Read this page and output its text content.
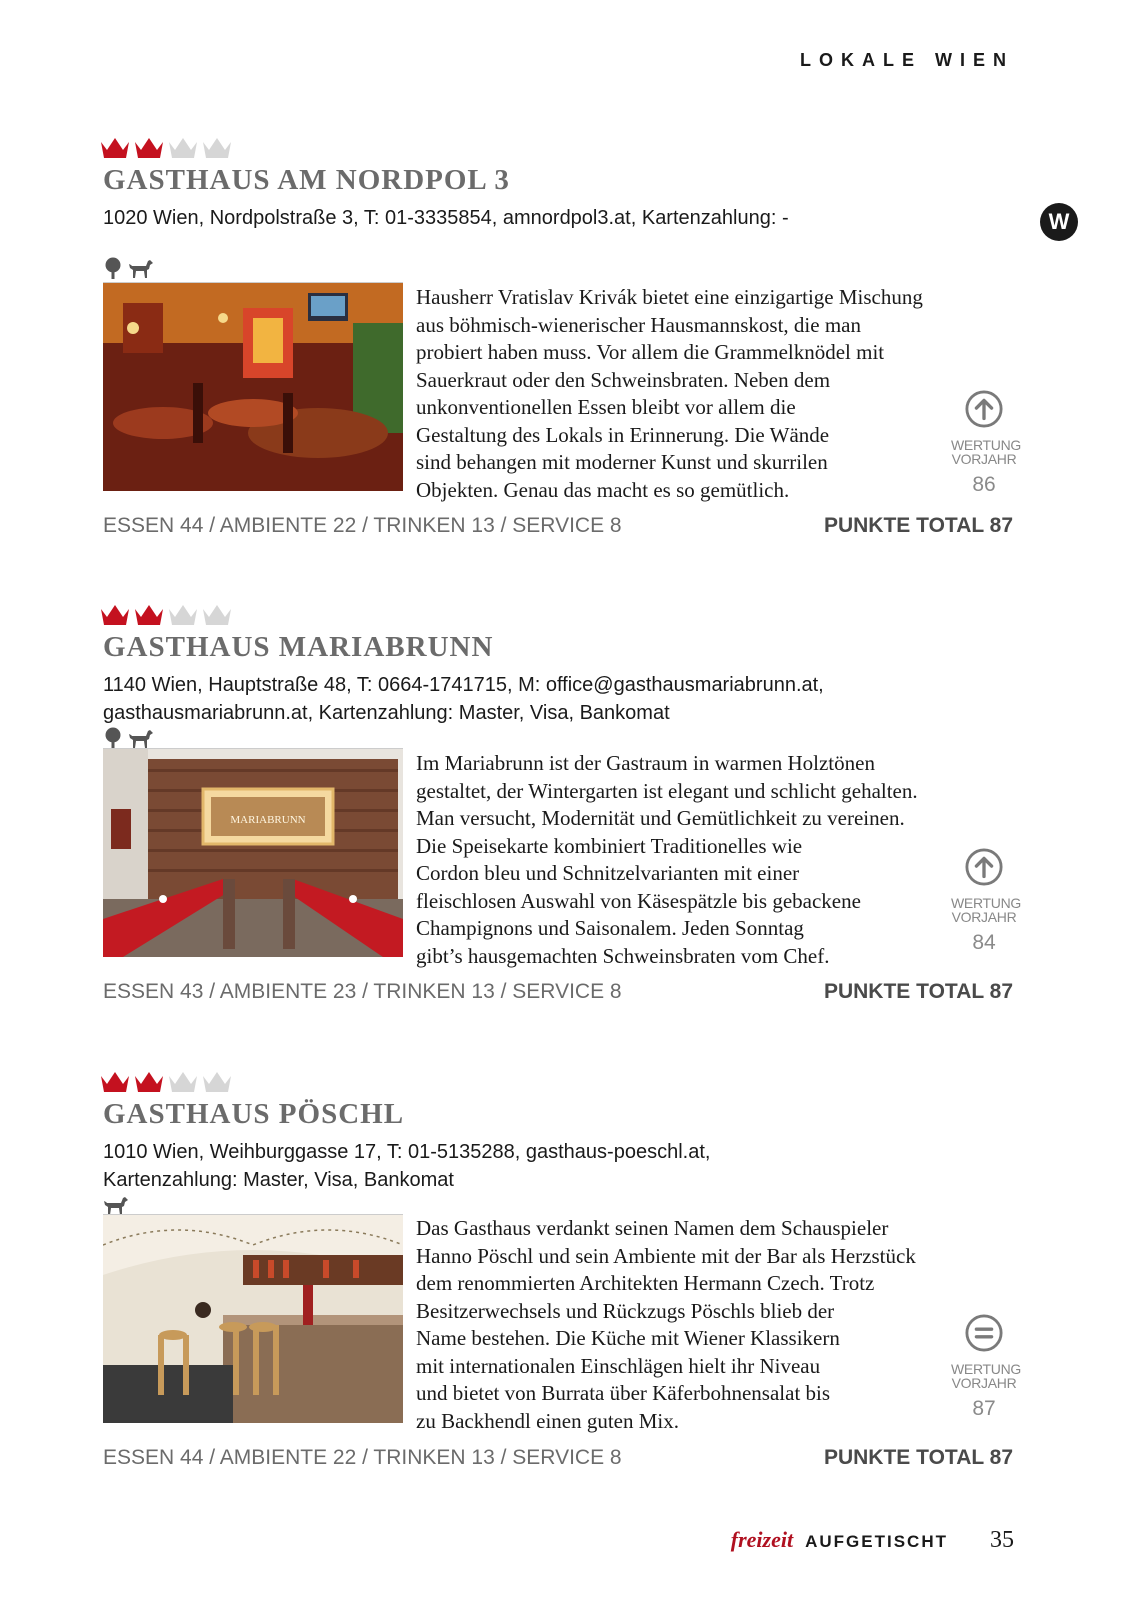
LOKALE WIEN
W
GASTHAUS AM NORDPOL 3
1020 Wien, Nordpolstraße 3, T: 01-3335854, amnordpol3.at, Kartenzahlung: -
Hausherr Vratislav Krivák bietet eine einzigartige Mischung
aus böhmisch-wienerischer Hausmannskost, die man
probiert haben muss. Vor allem die Grammelknödel mit
Sauerkraut oder den Schweinsbraten. Neben dem
unkonventionellen Essen bleibt vor allem die
Gestaltung des Lokals in Erinnerung. Die Wände
sind behangen mit moderner Kunst und skurrilen
Objekten. Genau das macht es so gemütlich.
WERTUNG
VORJAHR
86
ESSEN 44 / AMBIENTE 22 / TRINKEN 13 / SERVICE 8	PUNKTE TOTAL 87
GASTHAUS MARIABRUNN
1140 Wien, Hauptstraße 48, T: 0664-1741715, M: office@gasthausmariabrunn.at,
gasthausmariabrunn.at, Kartenzahlung: Master, Visa, Bankomat
MARIABRUNN
Im Mariabrunn ist der Gastraum in warmen Holztönen
gestaltet, der Wintergarten ist elegant und schlicht gehalten.
Man versucht, Modernität und Gemütlichkeit zu vereinen.
Die Speisekarte kombiniert Traditionelles wie
Cordon bleu und Schnitzelvarianten mit einer
fleischlosen Auswahl von Käsespätzle bis gebackene
Champignons und Saisonalem. Jeden Sonntag
gibt’s hausgemachten Schweinsbraten vom Chef.
WERTUNG
VORJAHR
84
ESSEN 43 / AMBIENTE 23 / TRINKEN 13 / SERVICE 8	PUNKTE TOTAL 87
GASTHAUS PÖSCHL
1010 Wien, Weihburggasse 17, T: 01-5135288, gasthaus-poeschl.at,
Kartenzahlung: Master, Visa, Bankomat
Das Gasthaus verdankt seinen Namen dem Schauspieler
Hanno Pöschl und sein Ambiente mit der Bar als Herzstück
dem renommierten Architekten Hermann Czech. Trotz
Besitzerwechsels und Rückzugs Pöschls blieb der
Name bestehen. Die Küche mit Wiener Klassikern
mit internationalen Einschlägen hielt ihr Niveau
und bietet von Burrata über Käferbohnensalat bis
zu Backhendl einen guten Mix.
WERTUNG
VORJAHR
87
ESSEN 44 / AMBIENTE 22 / TRINKEN 13 / SERVICE 8	PUNKTE TOTAL 87
freizeit AUFGETISCHT 35
